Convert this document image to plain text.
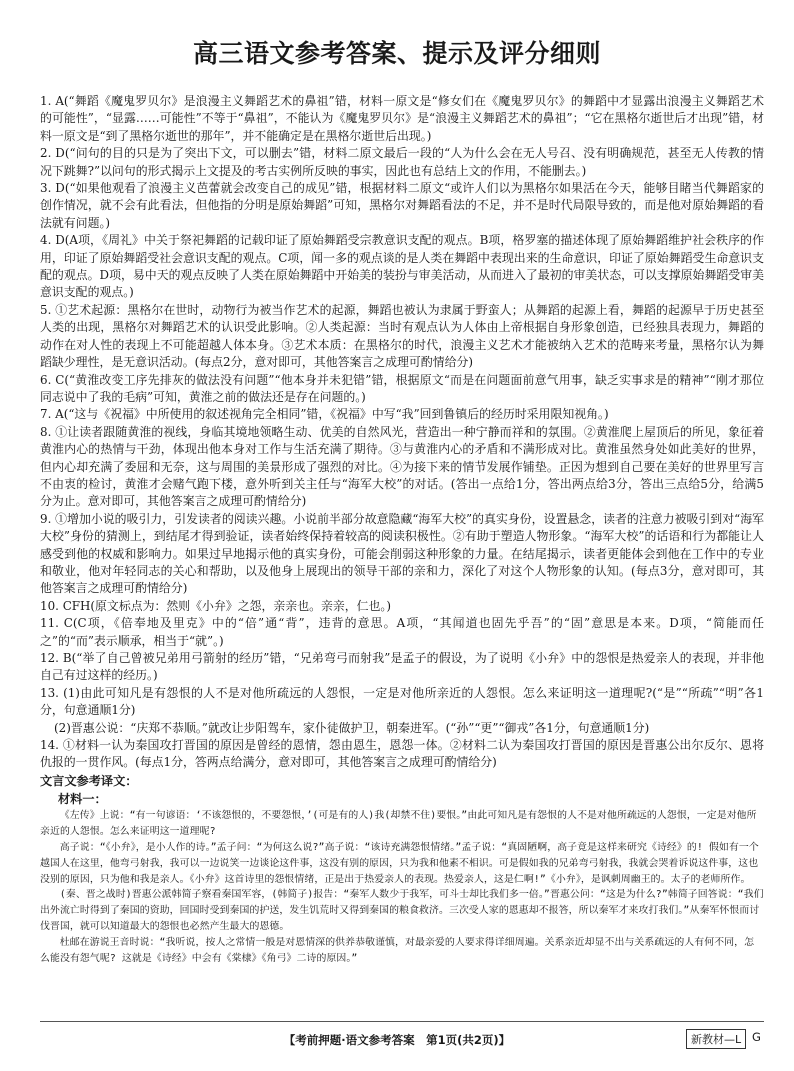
高三语文参考答案、提示及评分细则

1. A(“舞蹈《魔鬼罗贝尔》是浪漫主义舞蹈艺术的鼻祖”错，材料一原文是“修女们在《魔鬼罗贝尔》的舞蹈中才显露出浪漫主义舞蹈艺术的可能性”，“显露……可能性”不等于“鼻祖”，不能认为《魔鬼罗贝尔》是“浪漫主义舞蹈艺术的鼻祖”；“它在黑格尔逝世后才出现”错，材料一原文是“到了黑格尔逝世的那年”，并不能确定是在黑格尔逝世后出现。)

2. D(“问句的目的只是为了突出下文，可以删去”错，材料二原文最后一段的“人为什么会在无人号召、没有明确规范，甚至无人传教的情况下跳舞?”以问句的形式揭示上文提及的考古实例所反映的事实，因此也有总结上文的作用，不能删去。)

3. D(“如果他观看了浪漫主义芭蕾就会改变自己的成见”错，根据材料二原文“或许人们以为黑格尔如果活在今天，能够目睹当代舞蹈家的创作情况，就不会有此看法，但他指的分明是原始舞蹈”可知，黑格尔对舞蹈看法的不足，并不是时代局限导致的，而是他对原始舞蹈的看法就有问题。)

4. D(A项，《周礼》中关于祭祀舞蹈的记载印证了原始舞蹈受宗教意识支配的观点。B项，格罗塞的描述体现了原始舞蹈维护社会秩序的作用，印证了原始舞蹈受社会意识支配的观点。C项，闻一多的观点谈的是人类在舞蹈中表现出来的生命意识，印证了原始舞蹈受生命意识支配的观点。D项，易中天的观点反映了人类在原始舞蹈中开始美的装扮与审美活动，从而进入了最初的审美状态，可以支撑原始舞蹈受审美意识支配的观点。)

5. ①艺术起源：黑格尔在世时，动物行为被当作艺术的起源，舞蹈也被认为隶属于野蛮人；从舞蹈的起源上看，舞蹈的起源早于历史甚至人类的出现，黑格尔对舞蹈艺术的认识受此影响。②人类起源：当时有观点认为人体由上帝根据自身形象创造，已经独具表现力，舞蹈的动作在对人性的表现上不可能超越人体本身。③艺术本质：在黑格尔的时代，浪漫主义艺术才能被纳入艺术的范畴来考量，黑格尔认为舞蹈缺少理性，是无意识活动。(每点2分，意对即可，其他答案言之成理可酌情给分)

6. C(“黄淮改变工序先排灰的做法没有问题”“他本身并未犯错”错，根据原文“而是在问题面前意气用事，缺乏实事求是的精神”“刚才那位同志说中了我的毛病”可知，黄淮之前的做法还是存在问题的。)

7. A(“这与《祝福》中所使用的叙述视角完全相同”错，《祝福》中写“我”回到鲁镇后的经历时采用限知视角。)

8. ①让读者跟随黄淮的视线，身临其境地领略生动、优美的自然风光，营造出一种宁静而祥和的氛围。②黄淮爬上屋顶后的所见，象征着黄淮内心的热情与干劲，体现出他本身对工作与生活充满了期待。③与黄淮内心的矛盾和不满形成对比。黄淮虽然身处如此美好的世界，但内心却充满了委屈和无奈，这与周围的美景形成了强烈的对比。④为接下来的情节发展作铺垫。正因为想到自己要在美好的世界里写言不由衷的检讨，黄淮才会赌气跑下楼，意外听到关主任与“海军大校”的对话。(答出一点给1分，答出两点给3分，答出三点给5分，给满5分为止。意对即可，其他答案言之成理可酌情给分)

9. ①增加小说的吸引力，引发读者的阅读兴趣。小说前半部分故意隐藏“海军大校”的真实身份，设置悬念，读者的注意力被吸引到对“海军大校”身份的猜测上，到结尾才得到验证，读者始终保持着较高的阅读积极性。②有助于塑造人物形象。“海军大校”的话语和行为都能让人感受到他的权威和影响力。如果过早地揭示他的真实身份，可能会削弱这种形象的力量。在结尾揭示，读者更能体会到他在工作中的专业和敬业，他对年轻同志的关心和帮助，以及他身上展现出的领导干部的亲和力，深化了对这个人物形象的认知。(每点3分，意对即可，其他答案言之成理可酌情给分)

10. CFH(原文标点为：然则《小弁》之怨，亲亲也。亲亲，仁也。)

11. C(C项，《倍奉地及里克》中的“倍”通“背”，违背的意思。A项，“其闻道也固先乎吾”的“固”意思是本来。D项，“简能而任之”的“而”表示顺承，相当于“就”。)

12. B(“举了自己曾被兄弟用弓箭射的经历”错，“兄弟弯弓而射我”是孟子的假设，为了说明《小弁》中的怨恨是热爱亲人的表现，并非他自己有过这样的经历。)

13. (1)由此可知凡是有怨恨的人不是对他所疏远的人怨恨，一定是对他所亲近的人怨恨。怎么来证明这一道理呢?(“是”“所疏”“明”各1分，句意通顺1分)

(2)晋惠公说：“庆郑不恭顺。”就改让步阳驾车，家仆徒做护卫，朝秦进军。(“孙”“更”“御戎”各1分，句意通顺1分)

14. ①材料一认为秦国攻打晋国的原因是曾经的恩情，怨由恩生，恩怨一体。②材料二认为秦国攻打晋国的原因是晋惠公出尔反尔、恩将仇报的一贯作风。(每点1分，答两点给满分，意对即可，其他答案言之成理可酌情给分)

文言文参考译文：
材料一：

《左传》上说：“有一句谚语：‘不该怨恨的，不要怨恨，’(可是有的人)我(却禁不住)要恨。”由此可知凡是有怨恨的人不是对他所疏远的人怨恨，一定是对他所亲近的人怨恨。怎么来证明这一道理呢?

高子说：“《小弁》，是小人作的诗。”孟子问：“为何这么说?”高子说：“该诗充满怨恨情绪。”孟子说：“真固陋啊，高子竟是这样来研究《诗经》的! 假如有一个越国人在这里，他弯弓射我，我可以一边说笑一边谈论这件事，这没有别的原因，只为我和他素不相识。可是假如我的兄弟弯弓射我，我就会哭着诉说这件事，这也没别的原因，只为他和我是亲人。《小弁》这首诗里的怨恨情绪，正是出于热爱亲人的表现。热爱亲人，这是仁啊!”《小弁》，是讽刺周幽王的。太子的老师所作。

(秦、晋之战时)晋惠公派韩简子察看秦国军容，(韩简子)报告：“秦军人数少于我军，可斗士却比我们多一倍。”晋惠公问：“这是为什么?”韩简子回答说：“我们出外流亡时得到了秦国的资助，回国时受到秦国的护送，发生饥荒时又得到秦国的粮食救济。三次受人家的恩惠却不报答，所以秦军才来攻打我们。”从秦军怀恨而讨伐晋国，就可以知道最大的怨恨也必然产生最大的恩德。

杜邮在游说王音时说：“我听说，按人之常情一般是对恩情深的供养恭敬谨慎，对最亲爱的人要求得详细周遍。关系亲近却显不出与关系疏远的人有何不同，怎么能没有怨气呢? 这就是《诗经》中会有《棠棣》《角弓》二诗的原因。”

【考前押题·语文参考答案　第1页(共2页)】	新教材—L G
